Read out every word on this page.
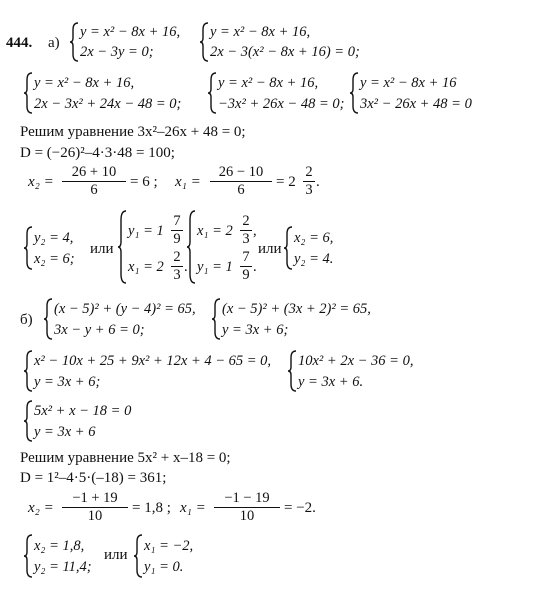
444. а)
y = x² − 8x + 16,
2x − 3y = 0;
y = x² − 8x + 16,
2x − 3(x² − 8x + 16) = 0;
y = x² − 8x + 16,
2x − 3x² + 24x − 48 = 0;
y = x² − 8x + 16,
−3x² + 26x − 48 = 0;
y = x² − 8x + 16
3x² − 26x + 48 = 0
Решим уравнение 3x²–26x + 48 = 0;
D = (−26)²–4·3·48 = 100;
$x_2 = \frac{26 + 10}{6} = 6$ ; $x_1 = \frac{26 - 10}{6} = 2 \frac{2}{3}$ .
y₂ = 4,
x₂ = 6;
или
$y_1 = 1 \frac{7}{9}$
$x_1 = 2 \frac{2}{3}$ .
$x_1 = 2 \frac{2}{3}$ ,
$y_1 = 1 \frac{7}{9}$ .
или
x₂ = 6,
y₂ = 4.
б)
(x − 5)² + (y − 4)² = 65,
3x − y + 6 = 0;
(x − 5)² + (3x + 2)² = 65,
y = 3x + 6;
x² − 10x + 25 + 9x² + 12x + 4 − 65 = 0,
y = 3x + 6;
10x² + 2x − 36 = 0,
y = 3x + 6.
5x² + x − 18 = 0
y = 3x + 6
Решим уравнение 5x² + x–18 = 0;
D = 1²–4·5·(–18) = 361;
$x_2 = \frac{-1 + 19}{10} = 1,8$ ; $x_1 = \frac{-1 - 19}{10} = -2$.
x₂ = 1,8,
y₂ = 11,4;
или
x₁ = −2,
y₁ = 0.
